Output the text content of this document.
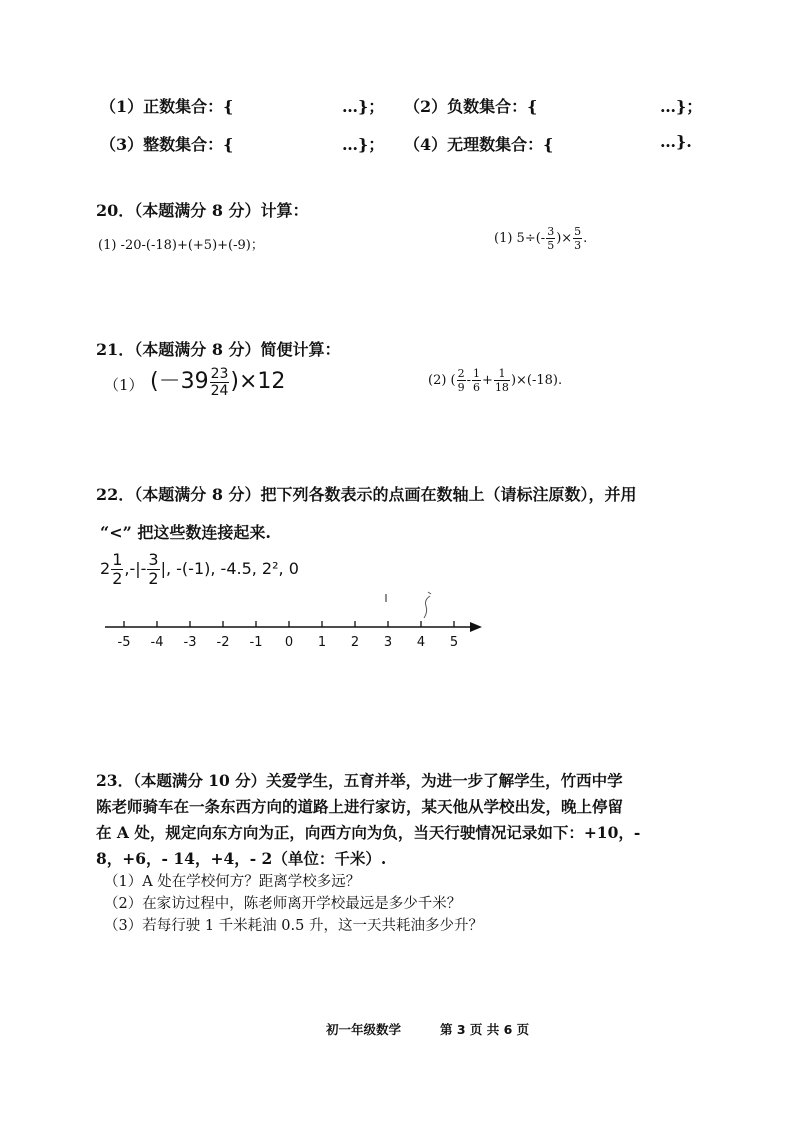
（1）正数集合：{	…}； （2）负数集合：{	…}；
（3）整数集合：{	…}； （4）无理数集合：{	…}.
20．（本题满分 8 分）计算：
(1) -20-(-18)+(+5)+(-9)；	(1) $5\div(- \frac{3}{5}$ )× $\frac{5}{3}$ .
21．（本题满分 8 分）简便计算：
（1） $(-39 \frac{23}{24} )\times 12$	(2) ( $\frac{2}{9} - \frac{1}{6} + \frac{1}{18} )\times(-18)$.
22．（本题满分 8 分）把下列各数表示的点画在数轴上（请标注原数），并用
“<” 把这些数连接起来.
$2 \frac{1}{2}$ ,-|- $\frac{3}{2}$ |, -(-1), -4.5, 2², 0
-5 -4 -3 -2 -1 0 1 2 3 4 5
23．（本题满分 10 分）关爱学生，五育并举，为进一步了解学生，竹西中学
陈老师骑车在一条东西方向的道路上进行家访，某天他从学校出发，晚上停留
在 A 处，规定向东方向为正，向西方向为负，当天行驶情况记录如下：+10，-
8，+6，- 14，+4，- 2（单位：千米）.
（1）A 处在学校何方？距离学校多远？
（2）在家访过程中，陈老师离开学校最远是多少千米？
（3）若每行驶 1 千米耗油 0.5 升，这一天共耗油多少升？
初一年级数学	第 3 页 共 6 页
